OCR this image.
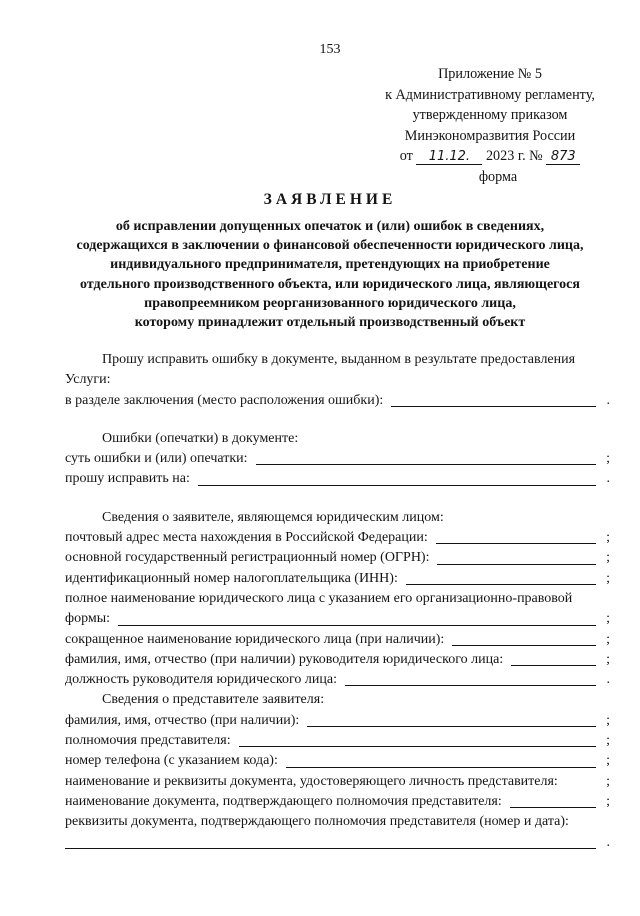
153
Приложение № 5
к Административному регламенту,
утвержденному приказом
Минэкономразвития России
от 11.12. 2023 г. № 873
форма
ЗАЯВЛЕНИЕ
об исправлении допущенных опечаток и (или) ошибок в сведениях,
содержащихся в заключении о финансовой обеспеченности юридического лица,
индивидуального предпринимателя, претендующих на приобретение
отдельного производственного объекта, или юридического лица, являющегося
правопреемником реорганизованного юридического лица,
которому принадлежит отдельный производственный объект
Прошу исправить ошибку в документе, выданном в результате предоставления
Услуги:
в разделе заключения (место расположения ошибки):	.
Ошибки (опечатки) в документе:
суть ошибки и (или) опечатки:	;
прошу исправить на:	.
Сведения о заявителе, являющемся юридическим лицом:
почтовый адрес места нахождения в Российской Федерации:	;
основной государственный регистрационный номер (ОГРН):	;
идентификационный номер налогоплательщика (ИНН):	;
полное наименование юридического лица с указанием его организационно-правовой
формы:	;
сокращенное наименование юридического лица (при наличии):	;
фамилия, имя, отчество (при наличии) руководителя юридического лица:	;
должность руководителя юридического лица:	.
Сведения о представителе заявителя:
фамилия, имя, отчество (при наличии):	;
полномочия представителя:	;
номер телефона (с указанием кода):	;
наименование и реквизиты документа, удостоверяющего личность представителя:	;
наименование документа, подтверждающего полномочия представителя:	;
реквизиты документа, подтверждающего полномочия представителя (номер и дата):
.
